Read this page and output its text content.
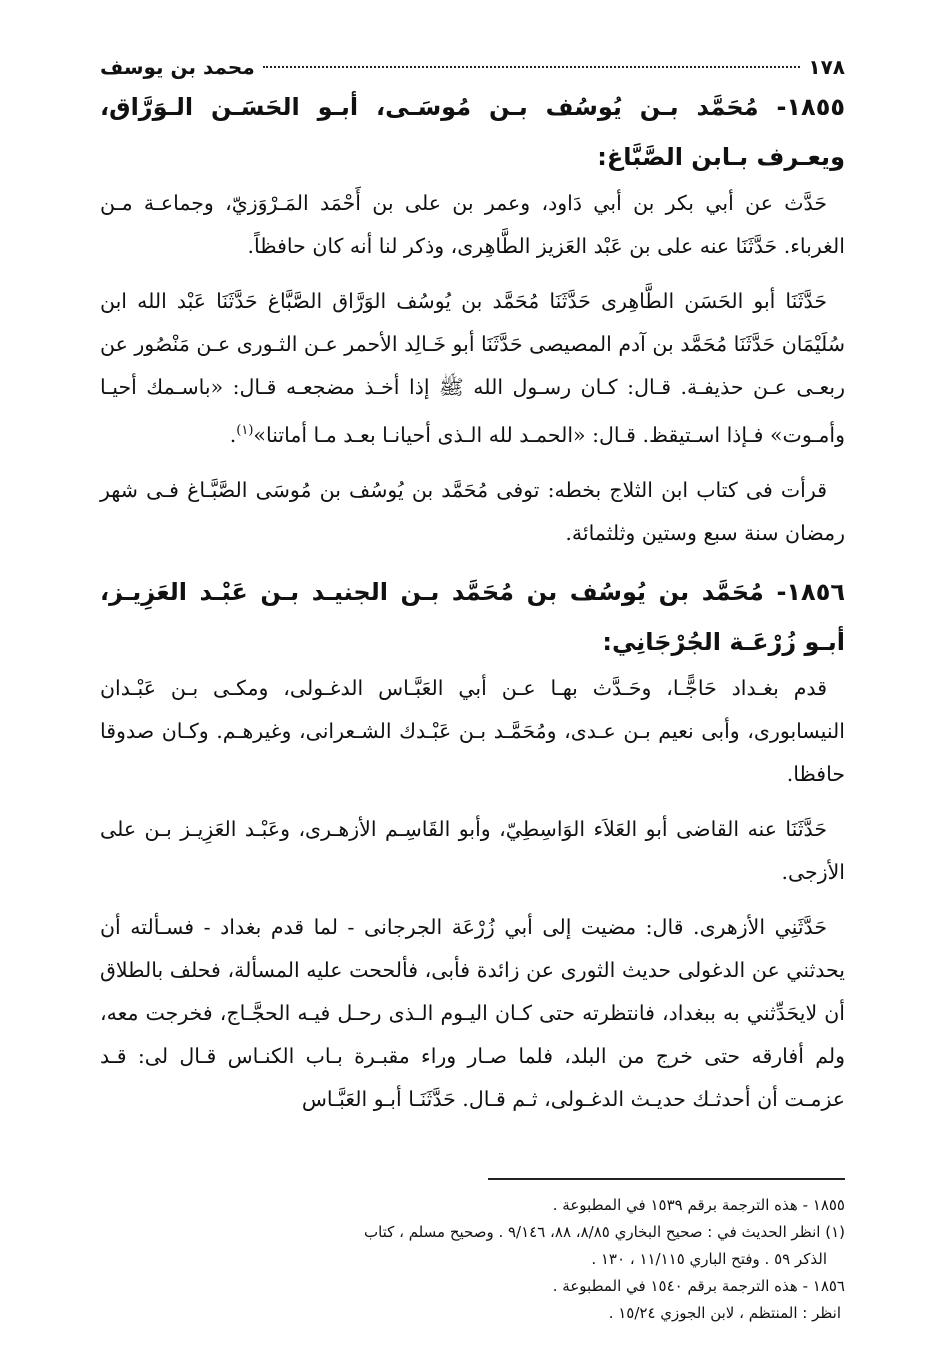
١٧٨
محمد بن يوسف
١٨٥٥- مُحَمَّد بـن يُوسُف بـن مُوسَـى، أبـو الحَسَـن الـوَرَّاق، ويعـرف بـابن الصَّبَّاغ:

حَدَّث عن أبي بكر بن أبي دَاود، وعمر بن على بن أَحْمَد المَـرْوَزيّ، وجماعـة مـن الغرباء. حَدَّثَنَا عنه على بن عَبْد العَزيز الطَّاهِرى، وذكر لنا أنه كان حافظاً.

حَدَّثَنَا أبو الحَسَن الطَّاهِرى حَدَّثَنَا مُحَمَّد بن يُوسُف الوَرَّاق الصَّبَّاغ حَدَّثَنَا عَبْد الله ابن سُلَيْمَان حَدَّثَنَا مُحَمَّد بن آدم المصيصى حَدَّثَنَا أبو خَـالِد الأحمر عـن الثـورى عـن مَنْصُور عن ربعـى عـن حذيفـة. قـال: كـان رسـول الله ﷺ إذا أخـذ مضجعـه قـال: «باسـمك أحيـا وأمـوت» فـإذا اسـتيقظ. قـال: «الحمـد لله الـذى أحيانـا بعـد مـا أماتنا»$^{(١)}$.

قرأت فى كتاب ابن الثلاج بخطه: توفى مُحَمَّد بن يُوسُف بن مُوسَى الصَّبَّـاغ فـى شهر رمضان سنة سبع وستين وثلثمائة.

١٨٥٦- مُحَمَّد بن يُوسُف بن مُحَمَّد بـن الجنيـد بـن عَبْـد العَزِيـز، أبـو زُرْعَـة الجُرْجَانِي:

قدم بغـداد حَاجًّـا، وحَـدَّث بهـا عـن أبي العَبَّـاس الدغـولى، ومكـى بـن عَبْـدان النيسابورى، وأبى نعيم بـن عـدى، ومُحَمَّـد بـن عَبْـدك الشـعرانى، وغيرهـم. وكـان صدوقا حافظا.

حَدَّثَنَا عنه القاضى أبو العَلاَء الوَاسِطِيّ، وأبو القَاسِـم الأزهـرى، وعَبْـد العَزِيـز بـن على الأزجى.

حَدَّثَنِي الأزهرى. قال: مضيت إلى أبي زُرْعَة الجرجانى - لما قدم بغداد - فسـألته أن يحدثني عن الدغولى حديث الثورى عن زائدة فأبى، فألححت عليه المسألة، فحلف بالطلاق أن لايحَدِّثني به ببغداد، فانتظرته حتى كـان اليـوم الـذى رحـل فيـه الحجَّـاج، فخرجت معه، ولم أفارقه حتى خرج من البلد، فلما صـار وراء مقبـرة بـاب الكنـاس قـال لى: قـد عزمـت أن أحدثـك حديـث الدغـولى، ثـم قـال. حَدَّثَنَـا أبـو العَبَّـاس

١٨٥٥ - هذه الترجمة برقم ١٥٣٩ في المطبوعة .
(١) انظر الحديث في : صحيح البخاري ٨/٨٥، ٨٨، ٩/١٤٦ . وصحيح مسلم ، كتاب
الذكر ٥٩ . وفتح الباري ١١/١١٥ ، ١٣٠ .
١٨٥٦ - هذه الترجمة برقم ١٥٤٠ في المطبوعة .
انظر : المنتظم ، لابن الجوزي ١٥/٢٤ .
